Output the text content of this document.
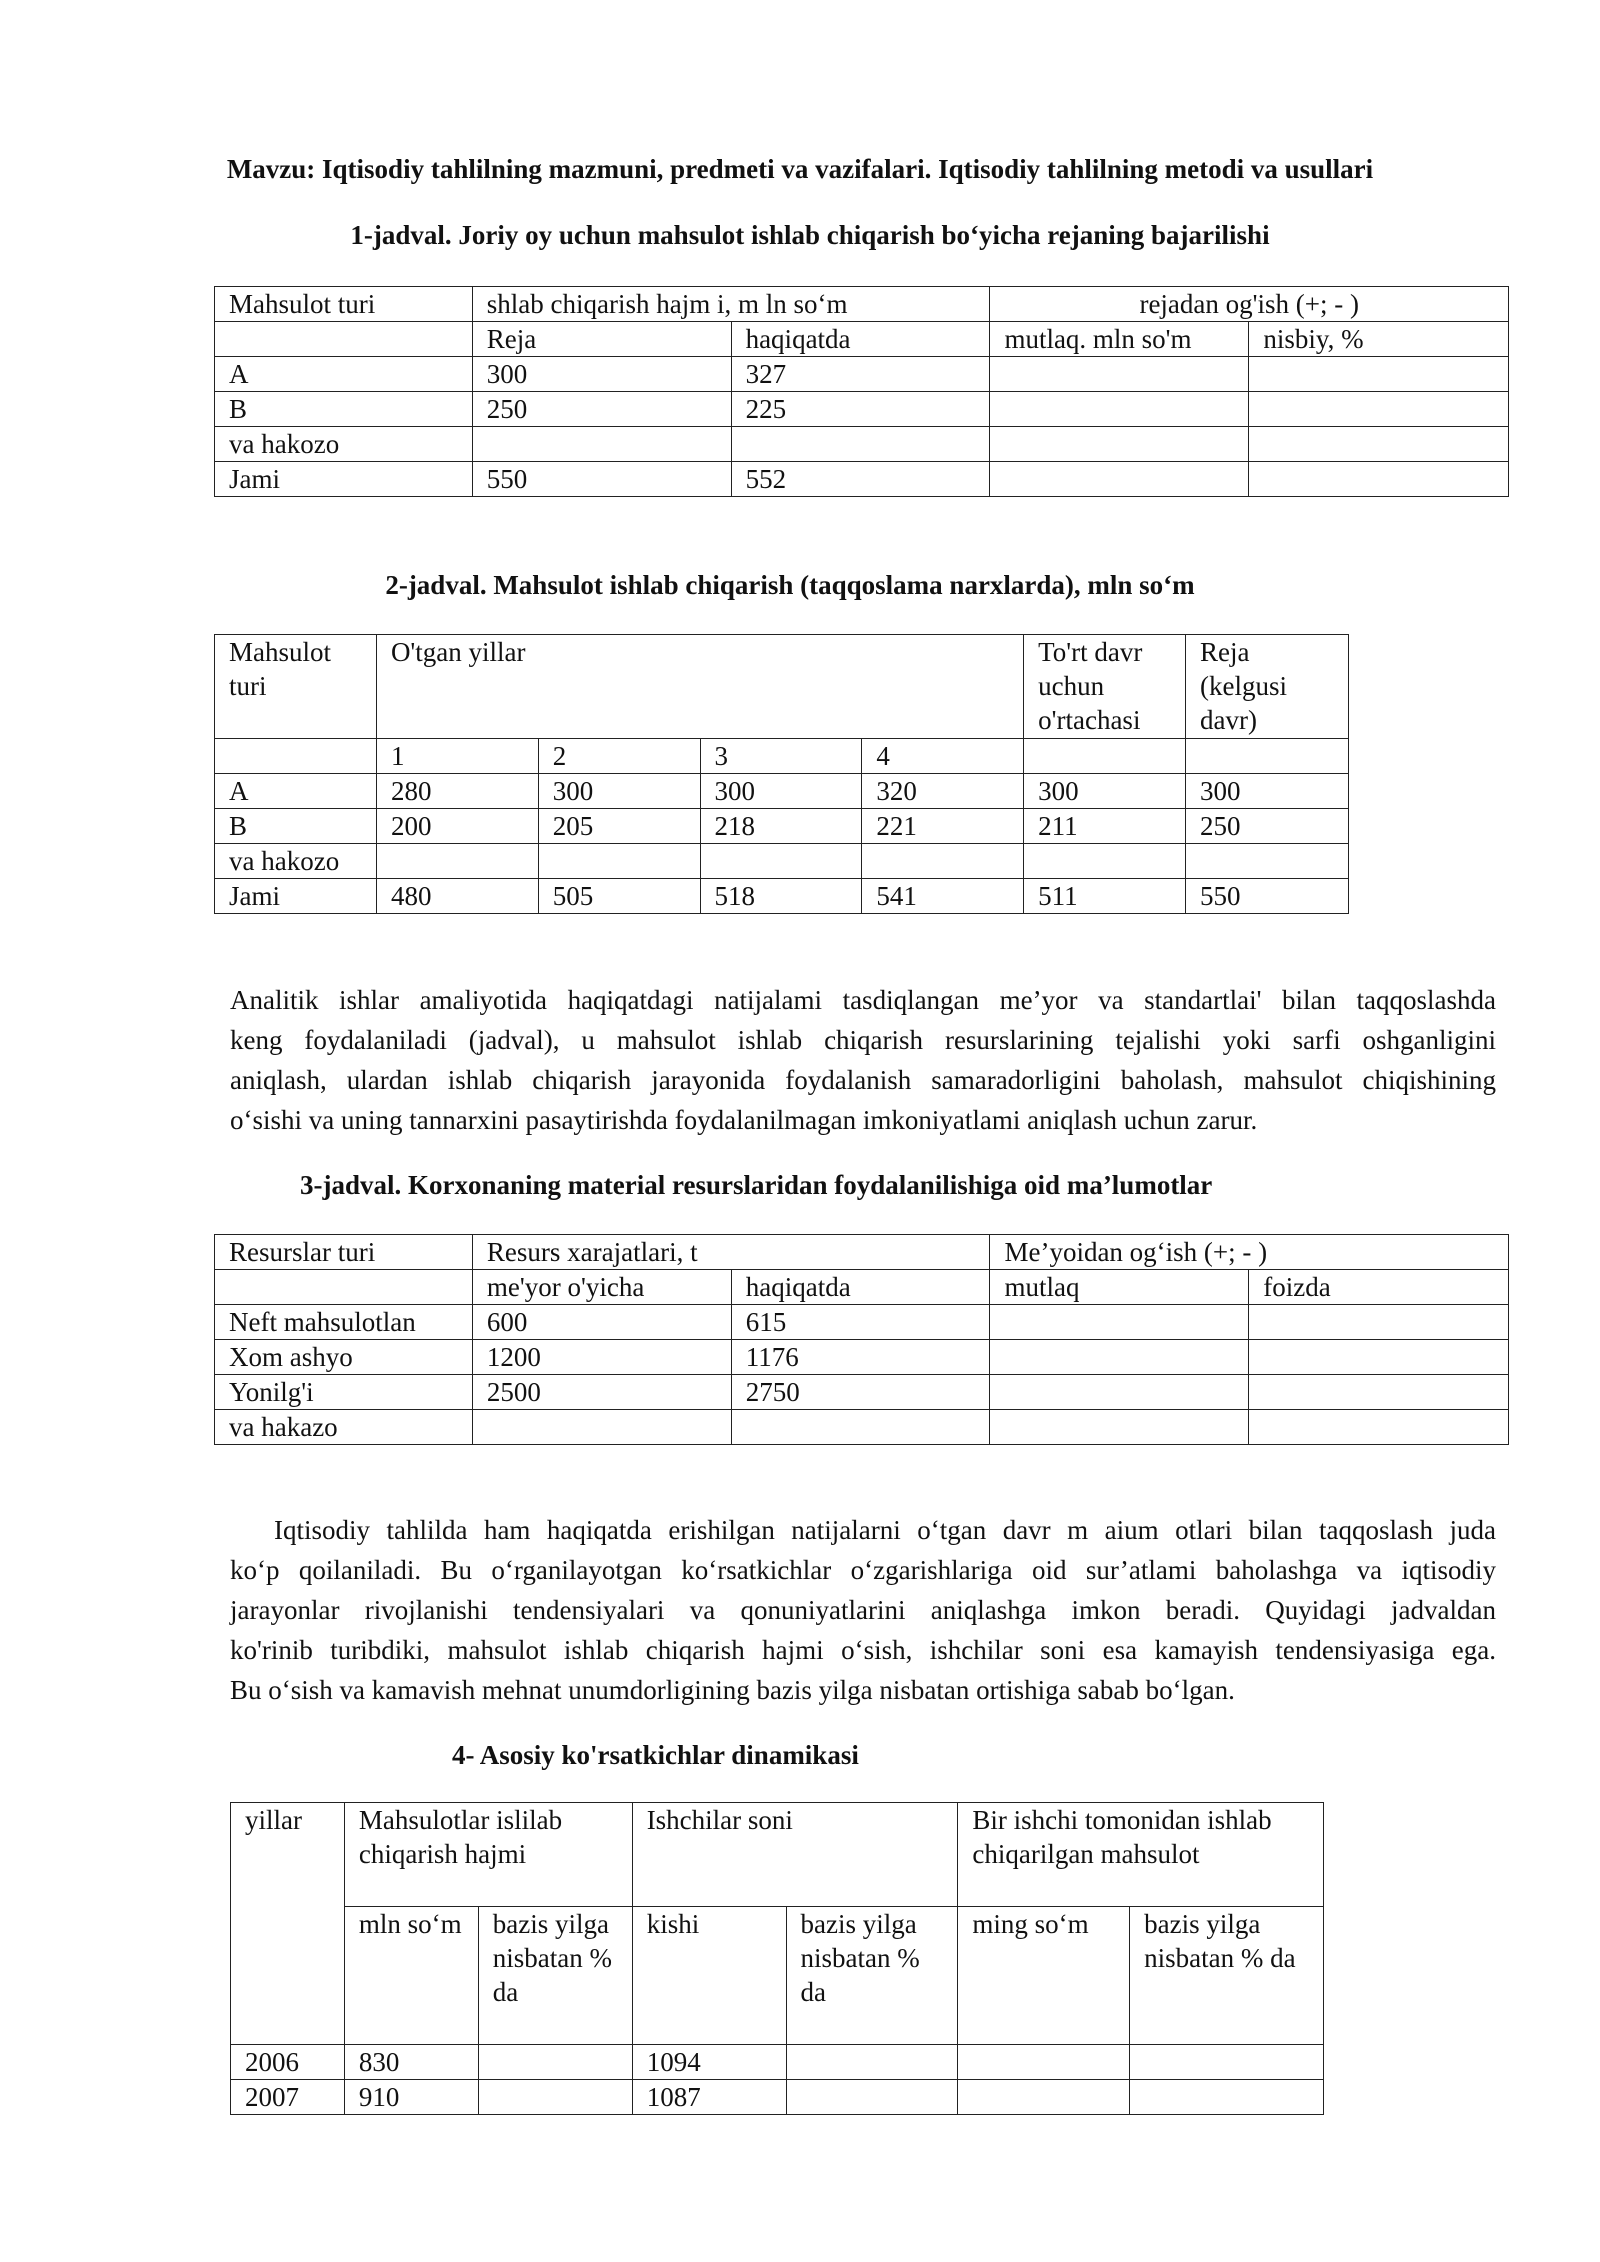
Mavzu: Iqtisodiy tahlilning mazmuni, predmeti va vazifalari. Iqtisodiy tahlilning metodi va usullari
1-jadval. Joriy oy uchun mahsulot ishlab chiqarish bo‘yicha rejaning bajarilishi
Mahsulot turi	shlab chiqarish hajm i, m ln so‘m		rejadan og'ish (+; - )	
	Reja	haqiqatda	mutlaq. mln so'm	nisbiy, %
A	300	327		
B	250	225		
va hakozo				
Jami	550	552		
2-jadval. Mahsulot ishlab chiqarish (taqqoslama narxlarda), mln so‘m
Mahsulot turi	O'tgan yillar				To'rt davr uchun o'rtachasi	Reja (kelgusi davr)
	1	2	3	4		
A	280	300	300	320	300	300
B	200	205	218	221	211	250
va hakozo						
Jami	480	505	518	541	511	550
Analitik ishlar amaliyotida haqiqatdagi natijalami tasdiqlangan me’yor va standartlai' bilan taqqoslashda
keng foydalaniladi (jadval), u mahsulot ishlab chiqarish resurslarining tejalishi yoki sarfi oshganligini
aniqlash, ulardan ishlab chiqarish jarayonida foydalanish samaradorligini baholash, mahsulot chiqishining
o‘sishi va uning tannarxini pasaytirishda foydalanilmagan imkoniyatlami aniqlash uchun zarur.
3-jadval. Korxonaning material resurslaridan foydalanilishiga oid ma’lumotlar
Resurslar turi	Resurs xarajatlari, t		Me’yoidan og‘ish (+; - )	
	me'yor o'yicha	haqiqatda	mutlaq	foizda
Neft mahsulotlan	600	615		
Xom ashyo	1200	1176		
Yonilg'i	2500	2750		
va hakazo				
Iqtisodiy tahlilda ham haqiqatda erishilgan natijalarni o‘tgan davr m aium otlari bilan taqqoslash juda
ko‘p qoilaniladi. Bu o‘rganilayotgan ko‘rsatkichlar o‘zgarishlariga oid sur’atlami baholashga va iqtisodiy
jarayonlar rivojlanishi tendensiyalari va qonuniyatlarini aniqlashga imkon beradi. Quyidagi jadvaldan
ko'rinib turibdiki, mahsulot ishlab chiqarish hajmi o‘sish, ishchilar soni esa kamayish tendensiyasiga ega.
Bu o‘sish va kamavish mehnat unumdorligining bazis yilga nisbatan ortishiga sabab bo‘lgan.
4- Asosiy ko'rsatkichlar dinamikasi
yillar	Mahsulotlar islilab chiqarish hajmi		Ishchilar soni		Bir ishchi tomonidan ishlab chiqarilgan mahsulot	
	mln so‘m	bazis yilga nisbatan % da	kishi	bazis yilga nisbatan % da	ming so‘m	bazis yilga nisbatan % da
2006	830		1094			
2007	910		1087			
